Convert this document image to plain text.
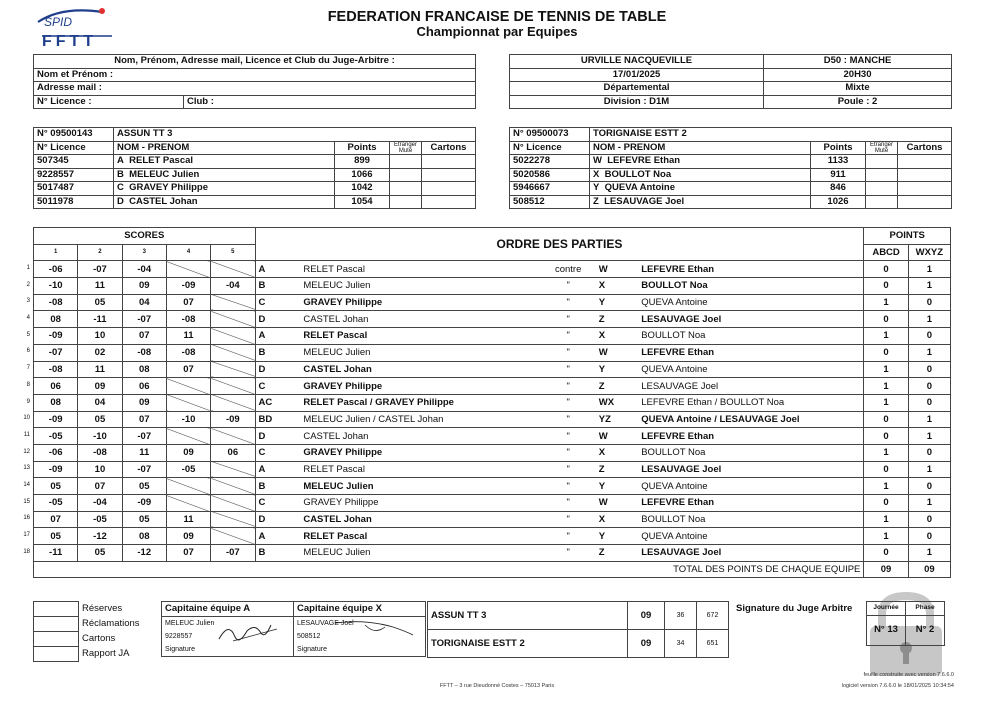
SPID
FFTT
FEDERATION FRANCAISE DE TENNIS DE TABLE
Championnat par Equipes
Nom, Prénom, Adresse mail, Licence et Club du Juge-Arbitre :
Nom et Prénom :
Adresse mail :
N° Licence :	Club :
URVILLE NACQUEVILLE	D50 : MANCHE
17/01/2025	20H30
Départemental	Mixte
Division : D1M	Poule : 2
N° 09500143	ASSUN TT 3			
N° Licence	NOM - PRENOM	Points	Etranger Muté	Cartons
507345	A RELET Pascal	899		
9228557	B MELEUC Julien	1066		
5017487	C GRAVEY Philippe	1042		
5011978	D CASTEL Johan	1054		
N° 09500073	TORIGNAISE ESTT 2			
N° Licence	NOM - PRENOM	Points	Etranger Muté	Cartons
5022278	W LEFEVRE Ethan	1133		
5020586	X BOULLOT Noa	911		
5946667	Y QUEVA Antoine	846		
508512	Z LESAUVAGE Joel	1026		
SCORES					ORDRE DES PARTIES					POINTS	
1	2	3	4	5						ABCD	WXYZ
-06	-07	-04			A	RELET Pascal	contre	W	LEFEVRE Ethan	0	1
-10	11	09	-09	-04	B	MELEUC Julien	"	X	BOULLOT Noa	0	1
-08	05	04	07		C	GRAVEY Philippe	"	Y	QUEVA Antoine	1	0
08	-11	-07	-08		D	CASTEL Johan	"	Z	LESAUVAGE Joel	0	1
-09	10	07	11		A	RELET Pascal	"	X	BOULLOT Noa	1	0
-07	02	-08	-08		B	MELEUC Julien	"	W	LEFEVRE Ethan	0	1
-08	11	08	07		D	CASTEL Johan	"	Y	QUEVA Antoine	1	0
06	09	06			C	GRAVEY Philippe	"	Z	LESAUVAGE Joel	1	0
08	04	09			AC	RELET Pascal / GRAVEY Philippe	"	WX	LEFEVRE Ethan / BOULLOT Noa	1	0
-09	05	07	-10	-09	BD	MELEUC Julien / CASTEL Johan	"	YZ	QUEVA Antoine / LESAUVAGE Joel	0	1
-05	-10	-07			D	CASTEL Johan	"	W	LEFEVRE Ethan	0	1
-06	-08	11	09	06	C	GRAVEY Philippe	"	X	BOULLOT Noa	1	0
-09	10	-07	-05		A	RELET Pascal	"	Z	LESAUVAGE Joel	0	1
05	07	05			B	MELEUC Julien	"	Y	QUEVA Antoine	1	0
-05	-04	-09			C	GRAVEY Philippe	"	W	LEFEVRE Ethan	0	1
07	-05	05	11		D	CASTEL Johan	"	X	BOULLOT Noa	1	0
05	-12	08	09		A	RELET Pascal	"	Y	QUEVA Antoine	1	0
-11	05	-12	07	-07	B	MELEUC Julien	"	Z	LESAUVAGE Joel	0	1
TOTAL DES POINTS DE CHAQUE EQUIPE										09	09
1
2
3
4
5
6
7
8
9
10
11
12
13
14
15
16
17
18
	Réserves
	Réclamations
	Cartons
	Rapport JA
Capitaine équipe A	Capitaine équipe X
MELEUC Julien	LESAUVAGE Joel
9228557	508512
Signature	Signature
ASSUN TT 3	09	36	672
TORIGNAISE ESTT 2	09	34	651
Signature du Juge Arbitre	Journée	Phase
N° 13	N° 2
FFTT – 3 rue Dieudonné Costes – 75013 Paris
feuille construite avec version 7.6.6.0
logiciel version 7.6.6.0 le 18/01/2025 10:34:54
